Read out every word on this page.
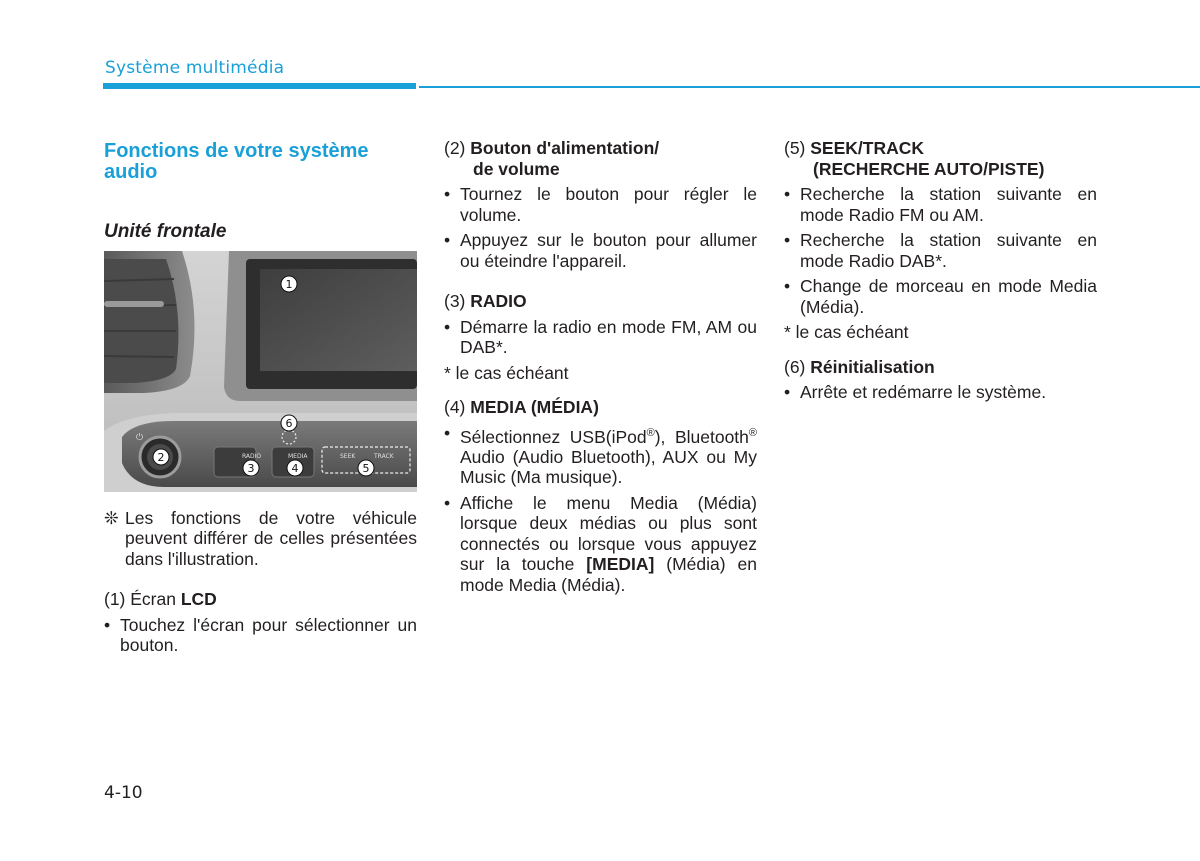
Système multimédia
Fonctions de votre système audio
Unité frontale
⏻
RADIO	MEDIA	SEEK	TRACK
1
2
3	4	5
6
❊ Les fonctions de votre véhicule peuvent différer de celles présentées dans l'illustration.

(1) Écran LCD

• Touchez l'écran pour sélectionner un bouton.

(2) Bouton d'alimentation/

de volume

• Tournez le bouton pour régler le volume.
• Appuyez sur le bouton pour allumer ou éteindre l'appareil.

(3) RADIO

• Démarre la radio en mode FM, AM ou DAB*.

* le cas échéant

(4) MEDIA (MÉDIA)

• Sélectionnez USB(iPod®), Bluetooth® Audio (Audio Bluetooth), AUX ou My Music (Ma musique).
• Affiche le menu Media (Média) lorsque deux médias ou plus sont connectés ou lorsque vous appuyez sur la touche [MEDIA] (Média) en mode Media (Média).

(5) SEEK/TRACK

(RECHERCHE AUTO/PISTE)

• Recherche la station suivante en mode Radio FM ou AM.
• Recherche la station suivante en mode Radio DAB*.
• Change de morceau en mode Media (Média).

* le cas échéant

(6) Réinitialisation

• Arrête et redémarre le système.
4-10
